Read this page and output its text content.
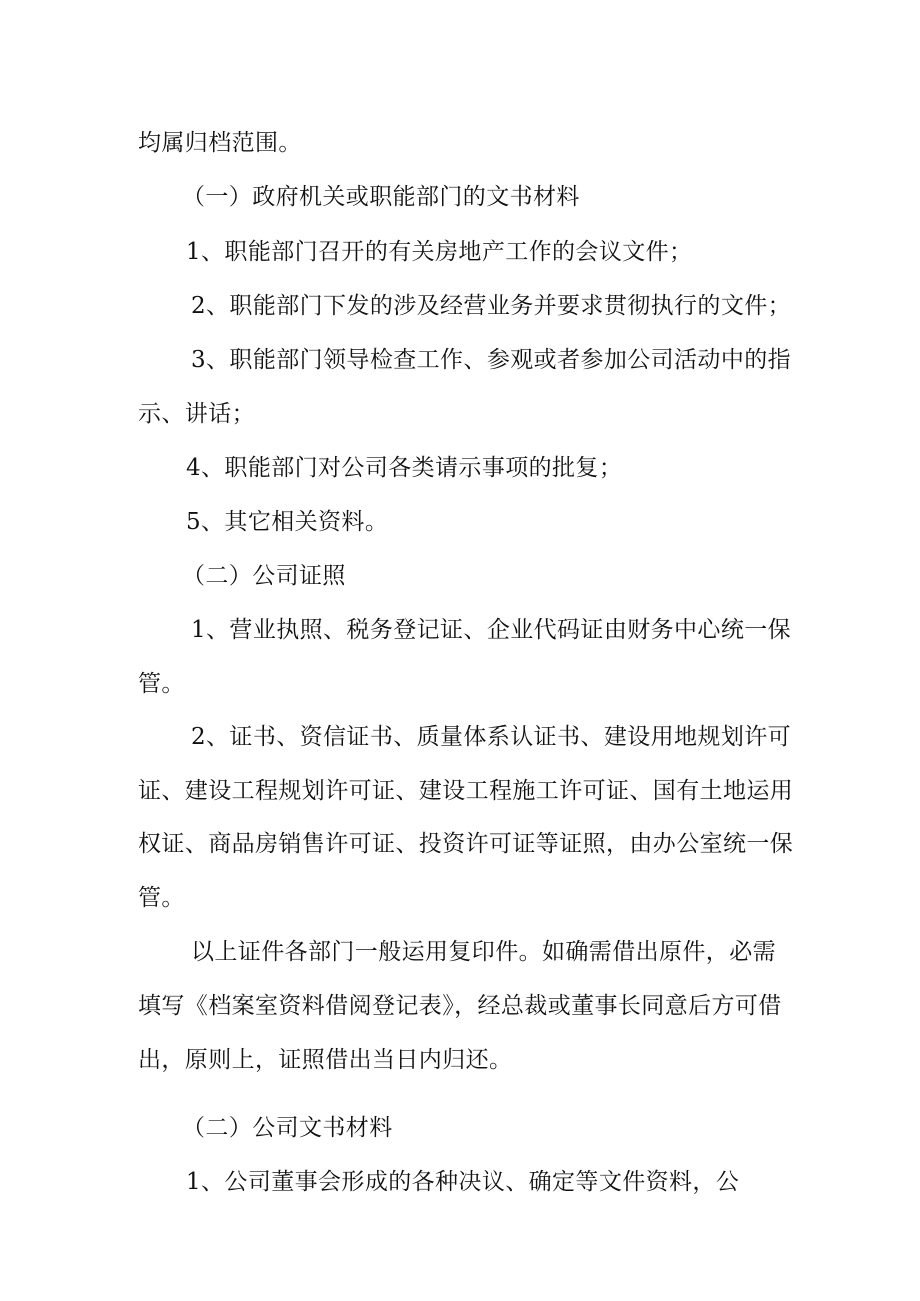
均属归档范围。
（一）政府机关或职能部门的文书材料
1、职能部门召开的有关房地产工作的会议文件；
2、职能部门下发的涉及经营业务并要求贯彻执行的文件；
3、职能部门领导检查工作、参观或者参加公司活动中的指
示、讲话；
4、职能部门对公司各类请示事项的批复；
5、其它相关资料。
（二）公司证照
1、营业执照、税务登记证、企业代码证由财务中心统一保
管。
2、证书、资信证书、质量体系认证书、建设用地规划许可
证、建设工程规划许可证、建设工程施工许可证、国有土地运用
权证、商品房销售许可证、投资许可证等证照，由办公室统一保
管。
以上证件各部门一般运用复印件。如确需借出原件，必需
填写《档案室资料借阅登记表》，经总裁或董事长同意后方可借
出，原则上，证照借出当日内归还。
（二）公司文书材料
1、公司董事会形成的各种决议、确定等文件资料，公
